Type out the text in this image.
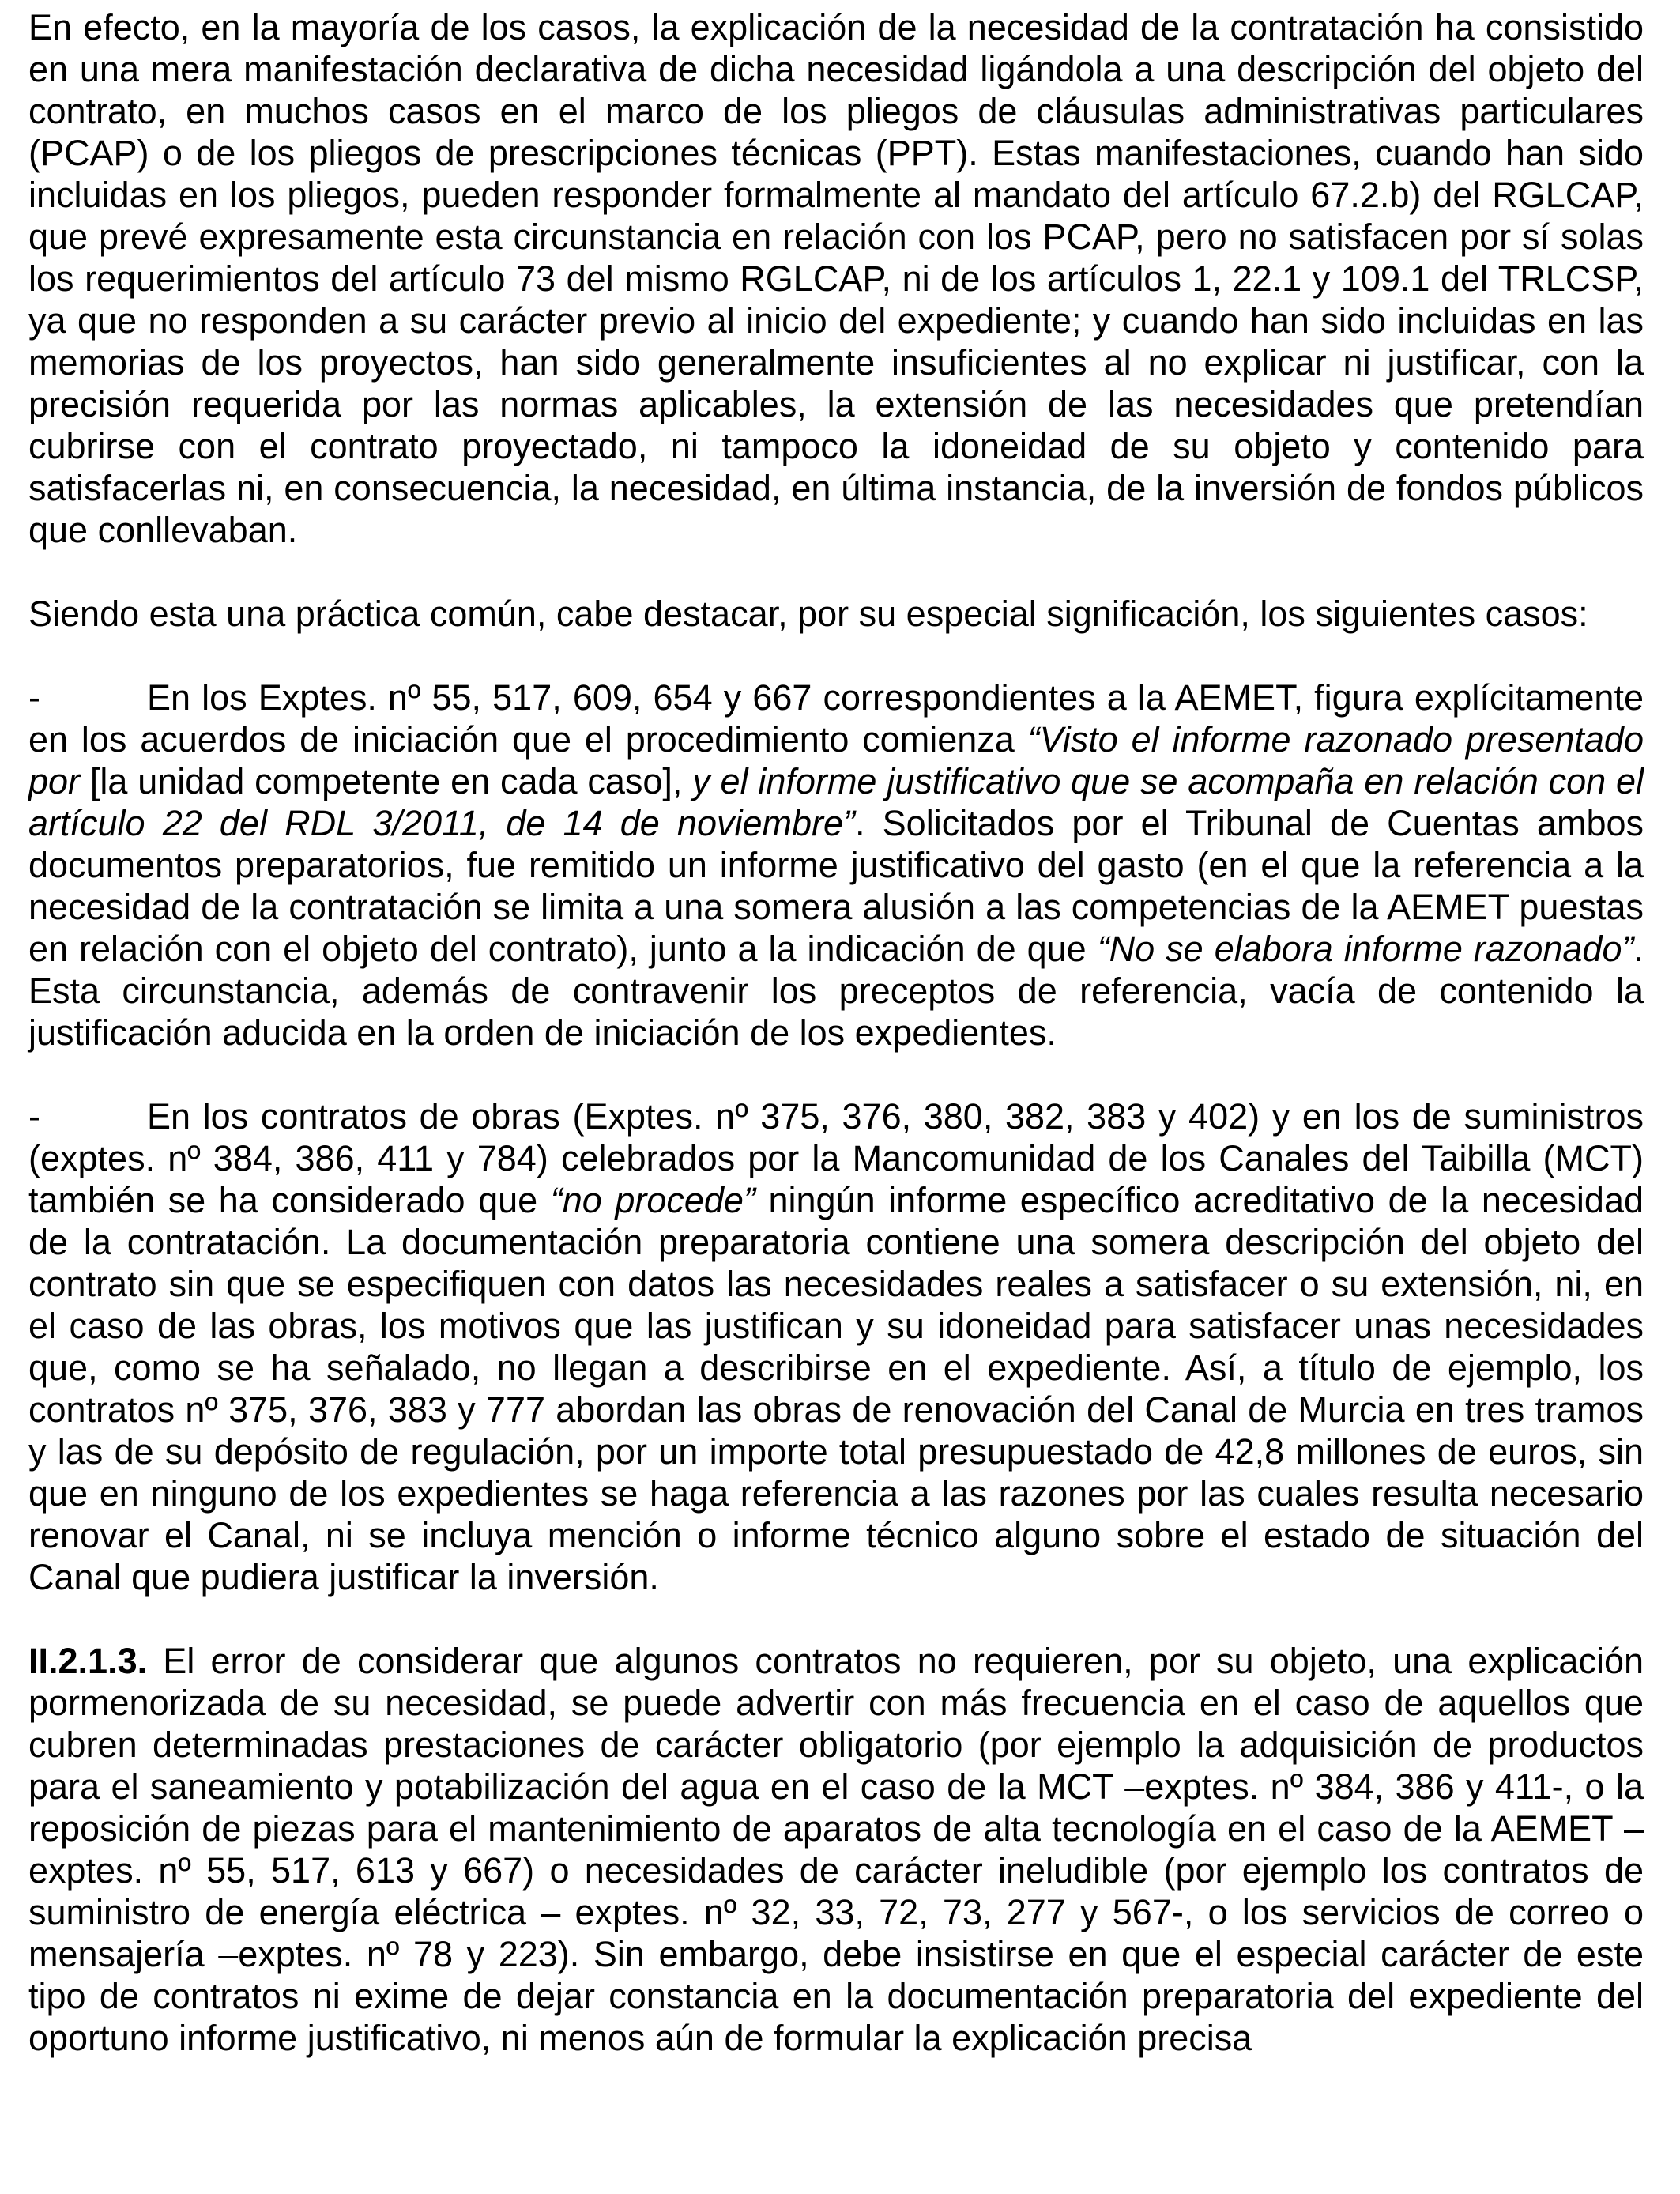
En efecto, en la mayoría de los casos, la explicación de la necesidad de la contratación ha consistido en una mera manifestación declarativa de dicha necesidad ligándola a una descripción del objeto del contrato, en muchos casos en el marco de los pliegos de cláusulas administrativas particulares (PCAP) o de los pliegos de prescripciones técnicas (PPT). Estas manifestaciones, cuando han sido incluidas en los pliegos, pueden responder formalmente al mandato del artículo 67.2.b) del RGLCAP, que prevé expresamente esta circunstancia en relación con los PCAP, pero no satisfacen por sí solas los requerimientos del artículo 73 del mismo RGLCAP, ni de los artículos 1, 22.1 y 109.1 del TRLCSP, ya que no responden a su carácter previo al inicio del expediente; y cuando han sido incluidas en las memorias de los proyectos, han sido generalmente insuficientes al no explicar ni justificar, con la precisión requerida por las normas aplicables, la extensión de las necesidades que pretendían cubrirse con el contrato proyectado, ni tampoco la idoneidad de su objeto y contenido para satisfacerlas ni, en consecuencia, la necesidad, en última instancia, de la inversión de fondos públicos que conllevaban.

Siendo esta una práctica común, cabe destacar, por su especial significación, los siguientes casos:

-	En los Exptes. nº 55, 517, 609, 654 y 667 correspondientes a la AEMET, figura explícitamente en los acuerdos de iniciación que el procedimiento comienza “Visto el informe razonado presentado por [la unidad competente en cada caso], y el informe justificativo que se acompaña en relación con el artículo 22 del RDL 3/2011, de 14 de noviembre”. Solicitados por el Tribunal de Cuentas ambos documentos preparatorios, fue remitido un informe justificativo del gasto (en el que la referencia a la necesidad de la contratación se limita a una somera alusión a las competencias de la AEMET puestas en relación con el objeto del contrato), junto a la indicación de que “No se elabora informe razonado”. Esta circunstancia, además de contravenir los preceptos de referencia, vacía de contenido la justificación aducida en la orden de iniciación de los expedientes.

-	En los contratos de obras (Exptes. nº 375, 376, 380, 382, 383 y 402) y en los de suministros (exptes. nº 384, 386, 411 y 784) celebrados por la Mancomunidad de los Canales del Taibilla (MCT) también se ha considerado que “no procede” ningún informe específico acreditativo de la necesidad de la contratación. La documentación preparatoria contiene una somera descripción del objeto del contrato sin que se especifiquen con datos las necesidades reales a satisfacer o su extensión, ni, en el caso de las obras, los motivos que las justifican y su idoneidad para satisfacer unas necesidades que, como se ha señalado, no llegan a describirse en el expediente. Así, a título de ejemplo, los contratos nº 375, 376, 383 y 777 abordan las obras de renovación del Canal de Murcia en tres tramos y las de su depósito de regulación, por un importe total presupuestado de 42,8 millones de euros, sin que en ninguno de los expedientes se haga referencia a las razones por las cuales resulta necesario renovar el Canal, ni se incluya mención o informe técnico alguno sobre el estado de situación del Canal que pudiera justificar la inversión.

II.2.1.3. El error de considerar que algunos contratos no requieren, por su objeto, una explicación pormenorizada de su necesidad, se puede advertir con más frecuencia en el caso de aquellos que cubren determinadas prestaciones de carácter obligatorio (por ejemplo la adquisición de productos para el saneamiento y potabilización del agua en el caso de la MCT –exptes. nº 384, 386 y 411-, o la reposición de piezas para el mantenimiento de aparatos de alta tecnología en el caso de la AEMET –exptes. nº 55, 517, 613 y 667) o necesidades de carácter ineludible (por ejemplo los contratos de suministro de energía eléctrica – exptes. nº 32, 33, 72, 73, 277 y 567-, o los servicios de correo o mensajería –exptes. nº 78 y 223). Sin embargo, debe insistirse en que el especial carácter de este tipo de contratos ni exime de dejar constancia en la documentación preparatoria del expediente del oportuno informe justificativo, ni menos aún de formular la explicación precisa
